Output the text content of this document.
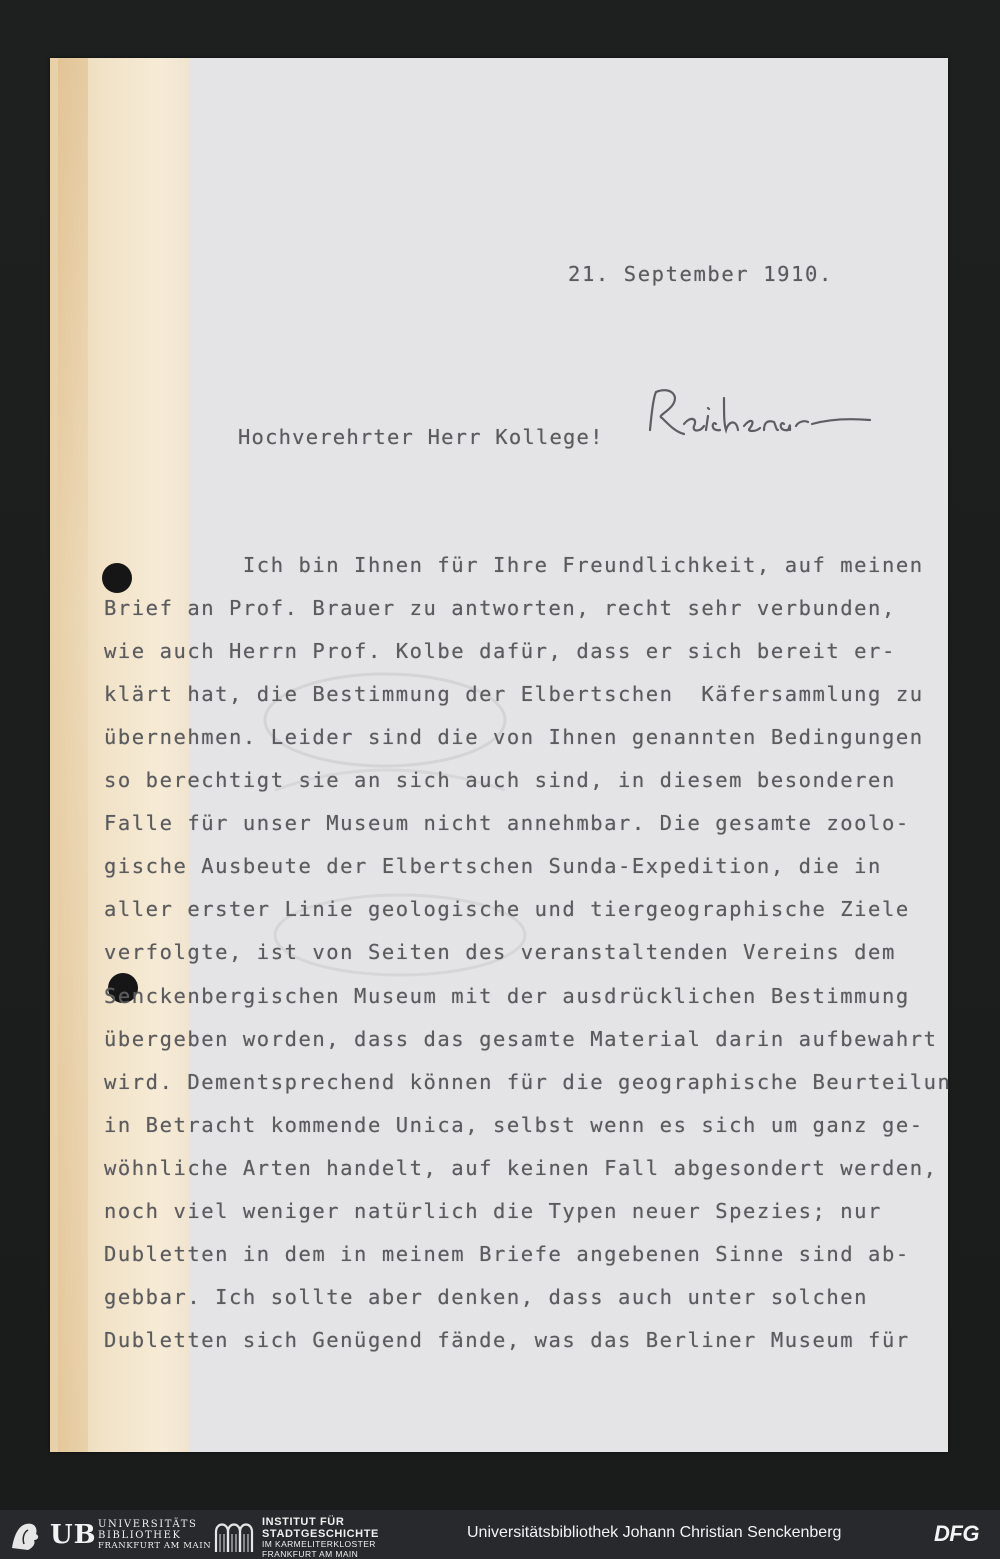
21. September 1910.
Hochverehrter Herr Kollege!
Reichenau
Ich bin Ihnen für Ihre Freundlichkeit, auf meinen
Brief an Prof. Brauer zu antworten, recht sehr verbunden,
wie auch Herrn Prof. Kolbe dafür, dass er sich bereit er-
klärt hat, die Bestimmung der Elbertschen  Käfersammlung zu
übernehmen. Leider sind die von Ihnen genannten Bedingungen
so berechtigt sie an sich auch sind, in diesem besonderen
Falle für unser Museum nicht annehmbar. Die gesamte zoolo-
gische Ausbeute der Elbertschen Sunda-Expedition, die in
aller erster Linie geologische und tiergeographische Ziele
verfolgte, ist von Seiten des veranstaltenden Vereins dem
Senckenbergischen Museum mit der ausdrücklichen Bestimmung
übergeben worden, dass das gesamte Material darin aufbewahrt
wird. Dementsprechend können für die geographische Beurteilun
in Betracht kommende Unica, selbst wenn es sich um ganz ge-
wöhnliche Arten handelt, auf keinen Fall abgesondert werden,
noch viel weniger natürlich die Typen neuer Spezies; nur
Dubletten in dem in meinem Briefe angebenen Sinne sind ab-
gebbar. Ich sollte aber denken, dass auch unter solchen
Dubletten sich Genügend fände, was das Berliner Museum für
UB UNIVERSITÄTS
BIBLIOTHEK
FRANKFURT AM MAIN
INSTITUT FÜR
STADTGESCHICHTE
IM KARMELITERKLOSTER
FRANKFURT AM MAIN
Universitätsbibliothek Johann Christian Senckenberg	DFG
